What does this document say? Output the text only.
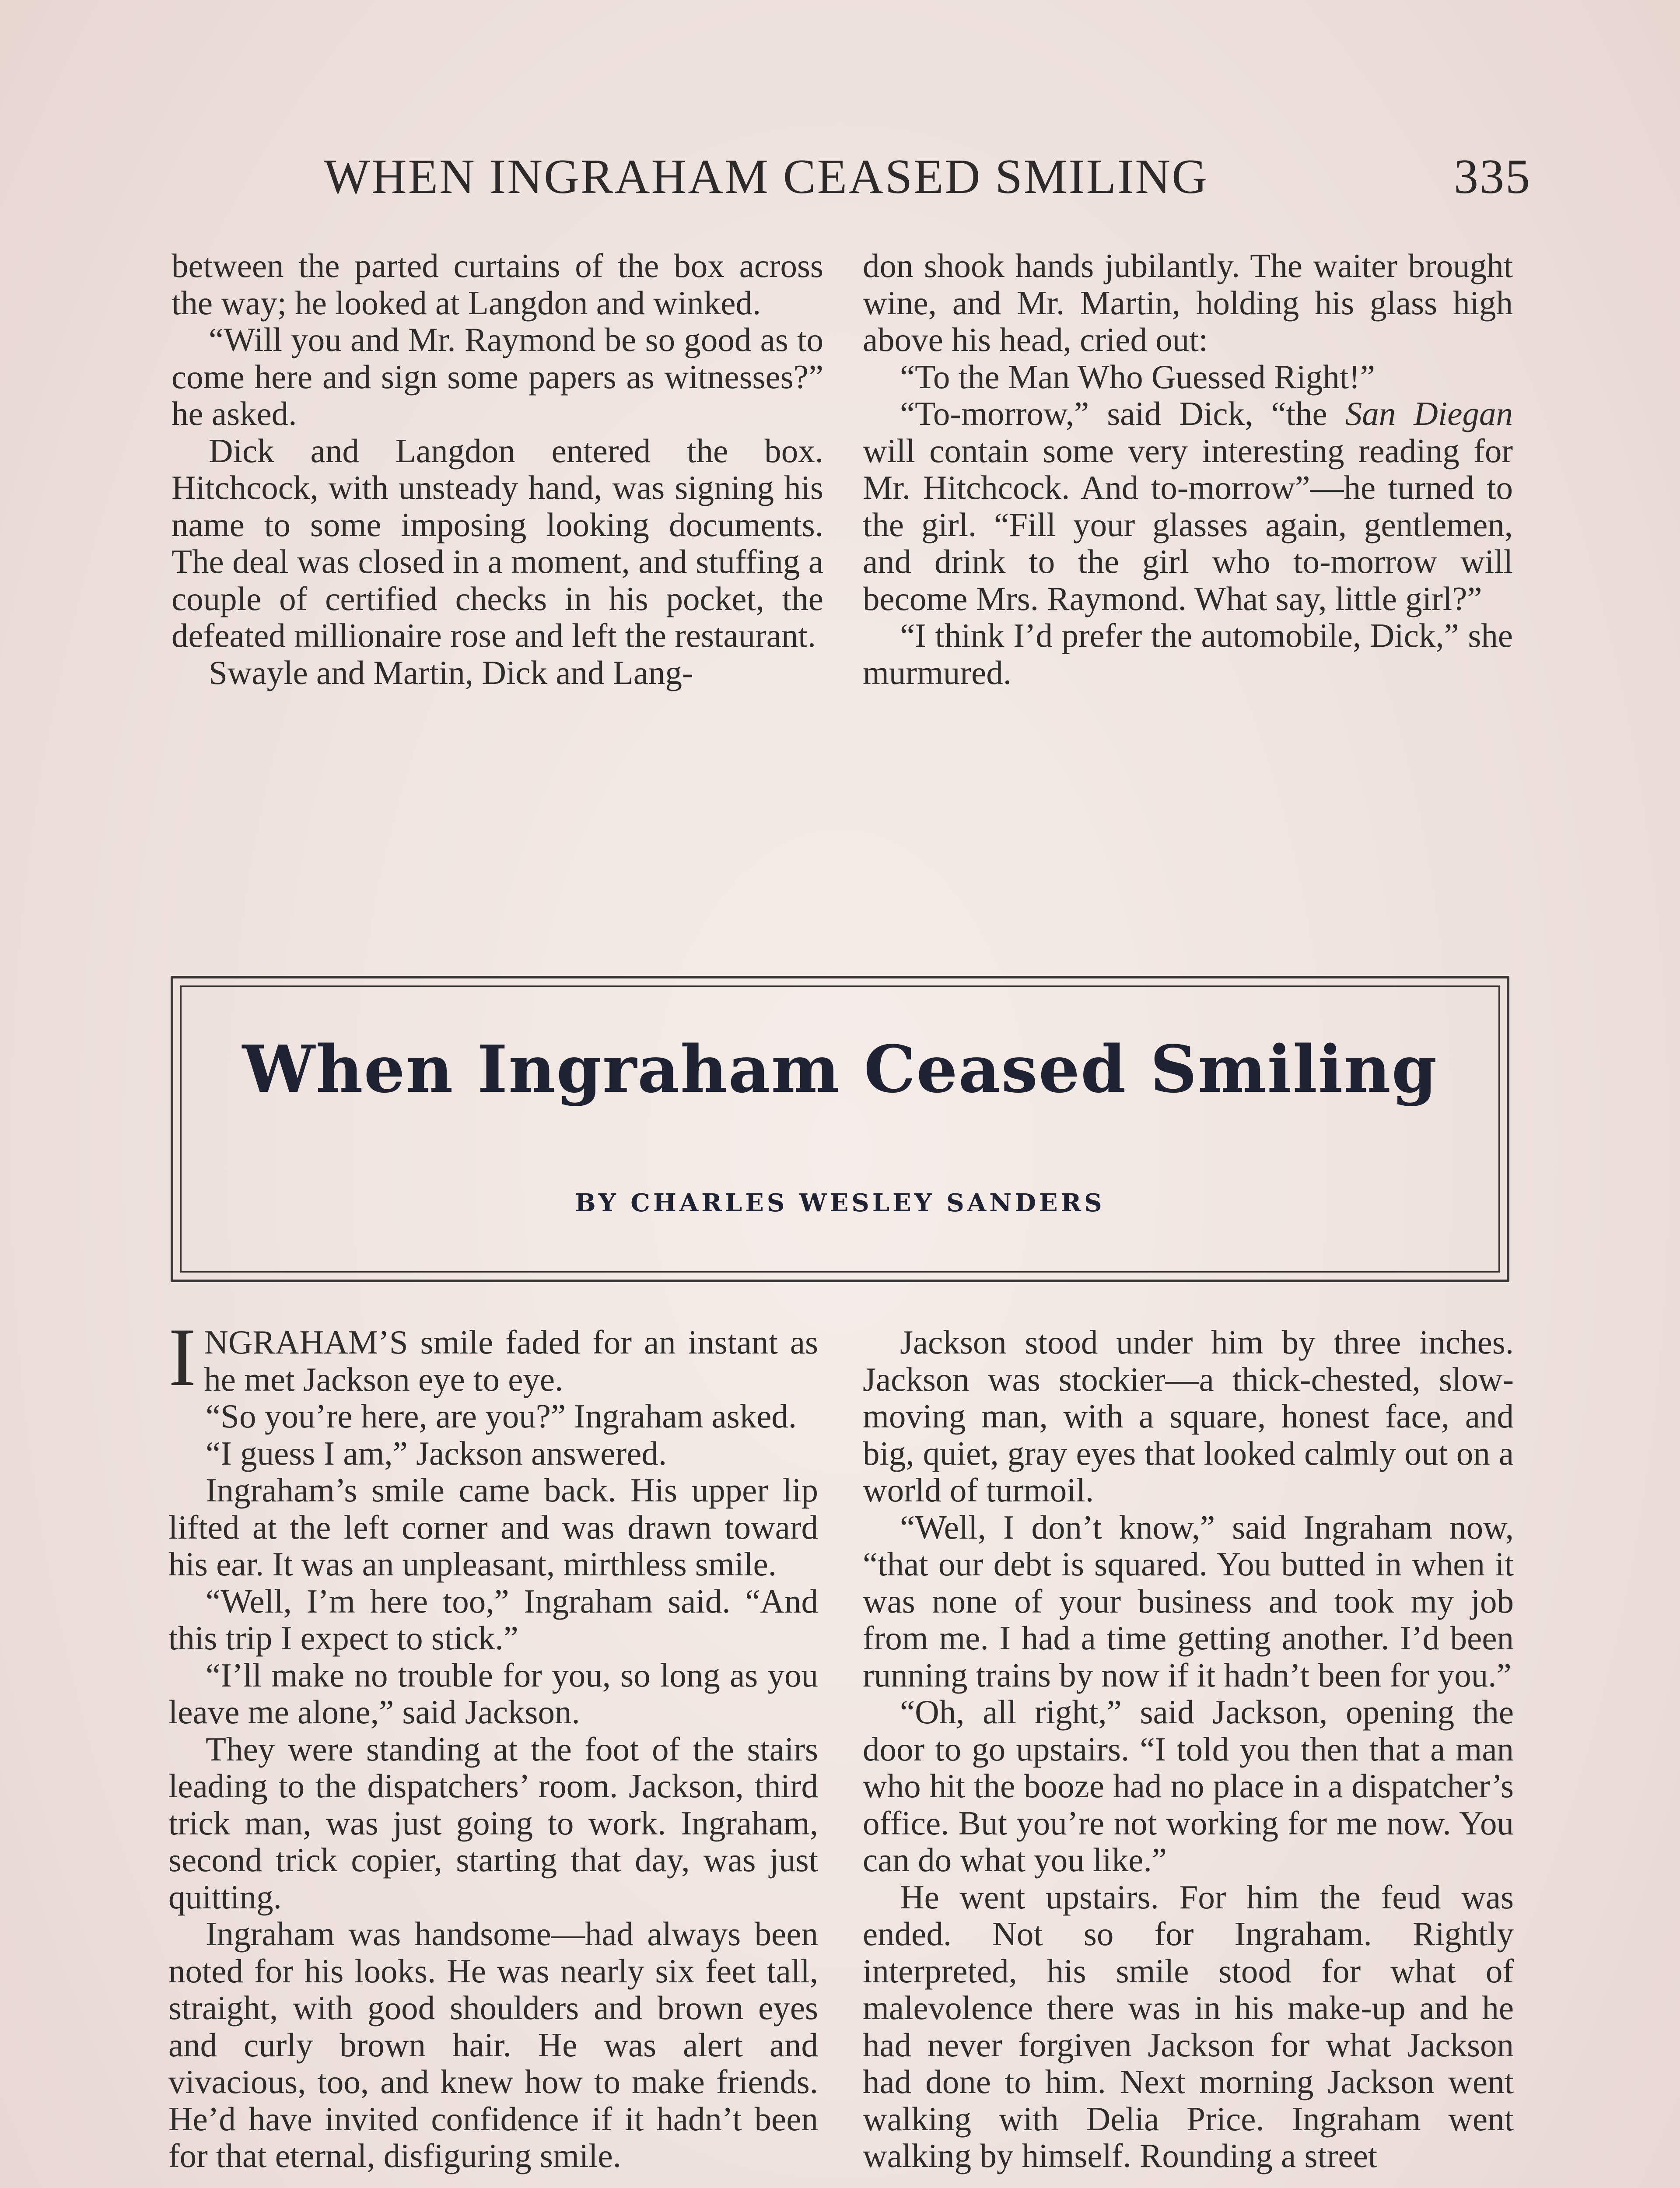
WHEN INGRAHAM CEASED SMILING	335

between the parted curtains of the box across the way; he looked at Langdon and winked.

“Will you and Mr. Raymond be so good as to come here and sign some papers as witnesses?” he asked.

Dick and Langdon entered the box. Hitchcock, with unsteady hand, was signing his name to some imposing looking documents. The deal was closed in a moment, and stuffing a couple of certified checks in his pocket, the defeated millionaire rose and left the restaurant.

Swayle and Martin, Dick and Lang-

don shook hands jubilantly. The waiter brought wine, and Mr. Martin, holding his glass high above his head, cried out:

“To the Man Who Guessed Right!”

“To-morrow,” said Dick, “the San Diegan will contain some very interesting reading for Mr. Hitchcock. And to-morrow”—he turned to the girl. “Fill your glasses again, gentlemen, and drink to the girl who to-morrow will become Mrs. Raymond. What say, little girl?”

“I think I’d prefer the automobile, Dick,” she murmured.

When Ingraham Ceased Smiling
BY CHARLES WESLEY SANDERS

INGRAHAM’S smile faded for an instant as he met Jackson eye to eye.

“So you’re here, are you?” Ingraham asked.

“I guess I am,” Jackson answered.

Ingraham’s smile came back. His upper lip lifted at the left corner and was drawn toward his ear. It was an unpleasant, mirthless smile.

“Well, I’m here too,” Ingraham said. “And this trip I expect to stick.”

“I’ll make no trouble for you, so long as you leave me alone,” said Jackson.

They were standing at the foot of the stairs leading to the dispatchers’ room. Jackson, third trick man, was just going to work. Ingraham, second trick copier, starting that day, was just quitting.

Ingraham was handsome—had always been noted for his looks. He was nearly six feet tall, straight, with good shoulders and brown eyes and curly brown hair. He was alert and vivacious, too, and knew how to make friends. He’d have invited confidence if it hadn’t been for that eternal, disfiguring smile.

Jackson stood under him by three inches. Jackson was stockier—a thick-chested, slow-moving man, with a square, honest face, and big, quiet, gray eyes that looked calmly out on a world of turmoil.

“Well, I don’t know,” said Ingraham now, “that our debt is squared. You butted in when it was none of your business and took my job from me. I had a time getting another. I’d been running trains by now if it hadn’t been for you.”

“Oh, all right,” said Jackson, opening the door to go upstairs. “I told you then that a man who hit the booze had no place in a dispatcher’s office. But you’re not working for me now. You can do what you like.”

He went upstairs. For him the feud was ended. Not so for Ingraham. Rightly interpreted, his smile stood for what of malevolence there was in his make-up and he had never forgiven Jackson for what Jackson had done to him. Next morning Jackson went walking with Delia Price. Ingraham went walking by himself. Rounding a street
